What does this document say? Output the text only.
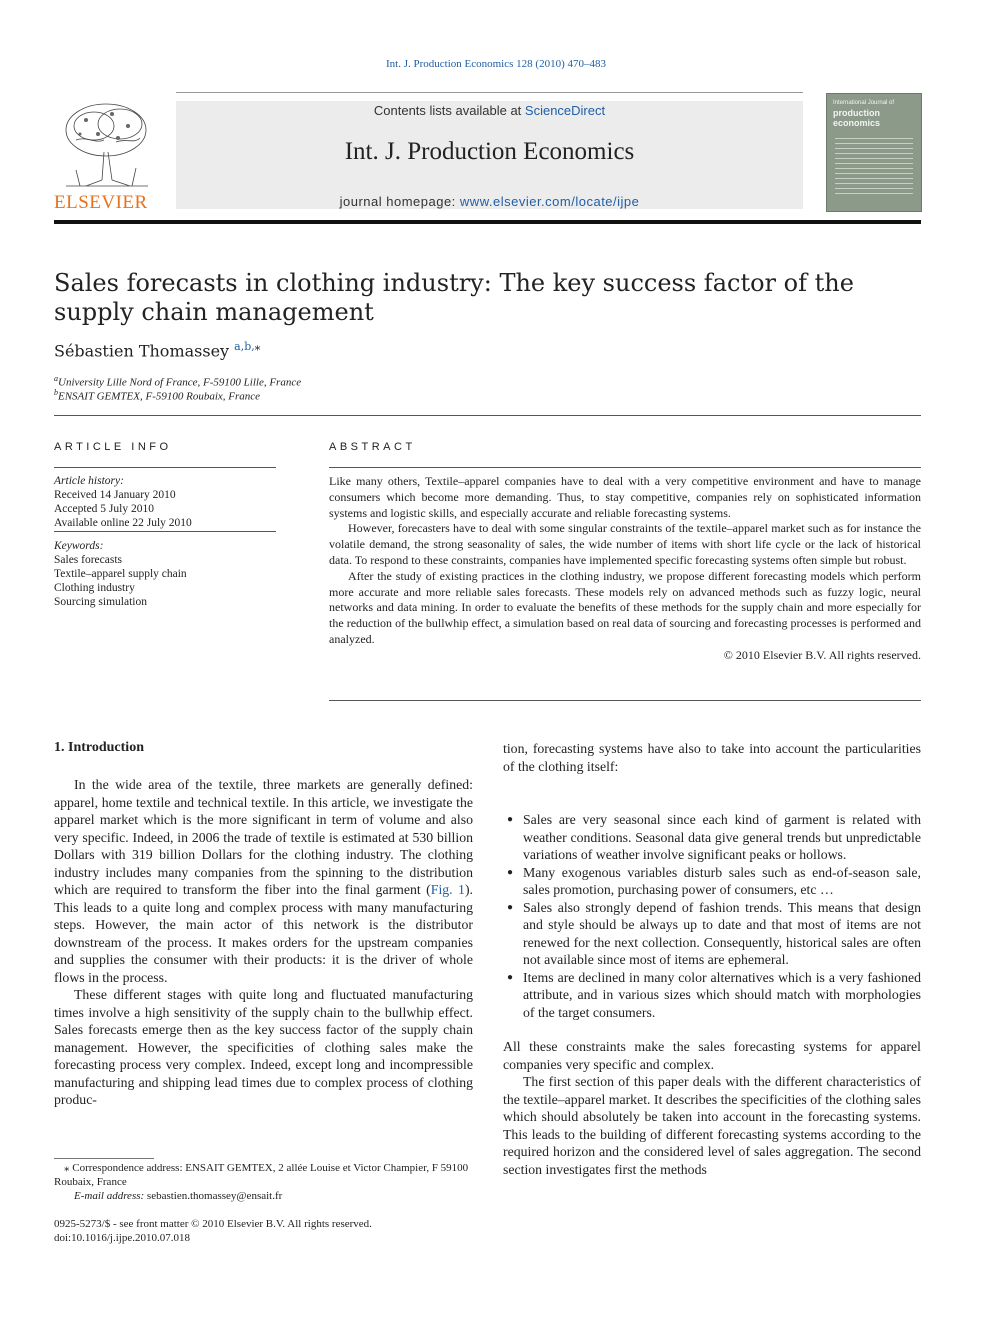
Int. J. Production Economics 128 (2010) 470–483
ELSEVIER
Contents lists available at ScienceDirect
Int. J. Production Economics
journal homepage: www.elsevier.com/locate/ijpe
International Journal of
production
economics
Sales forecasts in clothing industry: The key success factor of the supply chain management
Sébastien Thomassey $^{a,b,⁎}$
$^a$University Lille Nord of France, F-59100 Lille, France
$^b$ENSAIT GEMTEX, F-59100 Roubaix, France
ARTICLE INFO
Article history:
Received 14 January 2010
Accepted 5 July 2010
Available online 22 July 2010
Keywords:
Sales forecasts
Textile–apparel supply chain
Clothing industry
Sourcing simulation
ABSTRACT

Like many others, Textile–apparel companies have to deal with a very competitive environment and have to manage consumers which become more demanding. Thus, to stay competitive, companies rely on sophisticated information systems and logistic skills, and especially accurate and reliable forecasting systems.

However, forecasters have to deal with some singular constraints of the textile–apparel market such as for instance the volatile demand, the strong seasonality of sales, the wide number of items with short life cycle or the lack of historical data. To respond to these constraints, companies have implemented specific forecasting systems often simple but robust.

After the study of existing practices in the clothing industry, we propose different forecasting models which perform more accurate and more reliable sales forecasts. These models rely on advanced methods such as fuzzy logic, neural networks and data mining. In order to evaluate the benefits of these methods for the supply chain and more especially for the reduction of the bullwhip effect, a simulation based on real data of sourcing and forecasting processes is performed and analyzed.

© 2010 Elsevier B.V. All rights reserved.
1. Introduction

In the wide area of the textile, three markets are generally defined: apparel, home textile and technical textile. In this article, we investigate the apparel market which is the more significant in term of volume and also very specific. Indeed, in 2006 the trade of textile is estimated at 530 billion Dollars with 319 billion Dollars for the clothing industry. The clothing industry includes many companies from the spinning to the distribution which are required to transform the fiber into the final garment (Fig. 1). This leads to a quite long and complex process with many manufacturing steps. However, the main actor of this network is the distributor downstream of the process. It makes orders for the upstream companies and supplies the consumer with their products: it is the driver of whole flows in the process.

These different stages with quite long and fluctuated manufacturing times involve a high sensitivity of the supply chain to the bullwhip effect. Sales forecasts emerge then as the key success factor of the supply chain management. However, the specificities of clothing sales make the forecasting process very complex. Indeed, except long and incompressible manufacturing and shipping lead times due to complex process of clothing produc-

⁎ Correspondence address: ENSAIT GEMTEX, 2 allée Louise et Victor Champier, F 59100 Roubaix, France
E-mail address: sebastien.thomassey@ensait.fr
0925-5273/$ - see front matter © 2010 Elsevier B.V. All rights reserved.
doi:10.1016/j.ijpe.2010.07.018

tion, forecasting systems have also to take into account the particularities of the clothing itself:

● Sales are very seasonal since each kind of garment is related with weather conditions. Seasonal data give general trends but unpredictable variations of weather involve significant peaks or hollows.
● Many exogenous variables disturb sales such as end-of-season sale, sales promotion, purchasing power of consumers, etc …
● Sales also strongly depend of fashion trends. This means that design and style should be always up to date and that most of items are not renewed for the next collection. Consequently, historical sales are often not available since most of items are ephemeral.
● Items are declined in many color alternatives which is a very fashioned attribute, and in various sizes which should match with morphologies of the target consumers.

All these constraints make the sales forecasting systems for apparel companies very specific and complex.

The first section of this paper deals with the different characteristics of the textile–apparel market. It describes the specificities of the clothing sales which should absolutely be taken into account in the forecasting systems. This leads to the building of different forecasting systems according to the required horizon and the considered level of sales aggregation. The second section investigates first the methods
